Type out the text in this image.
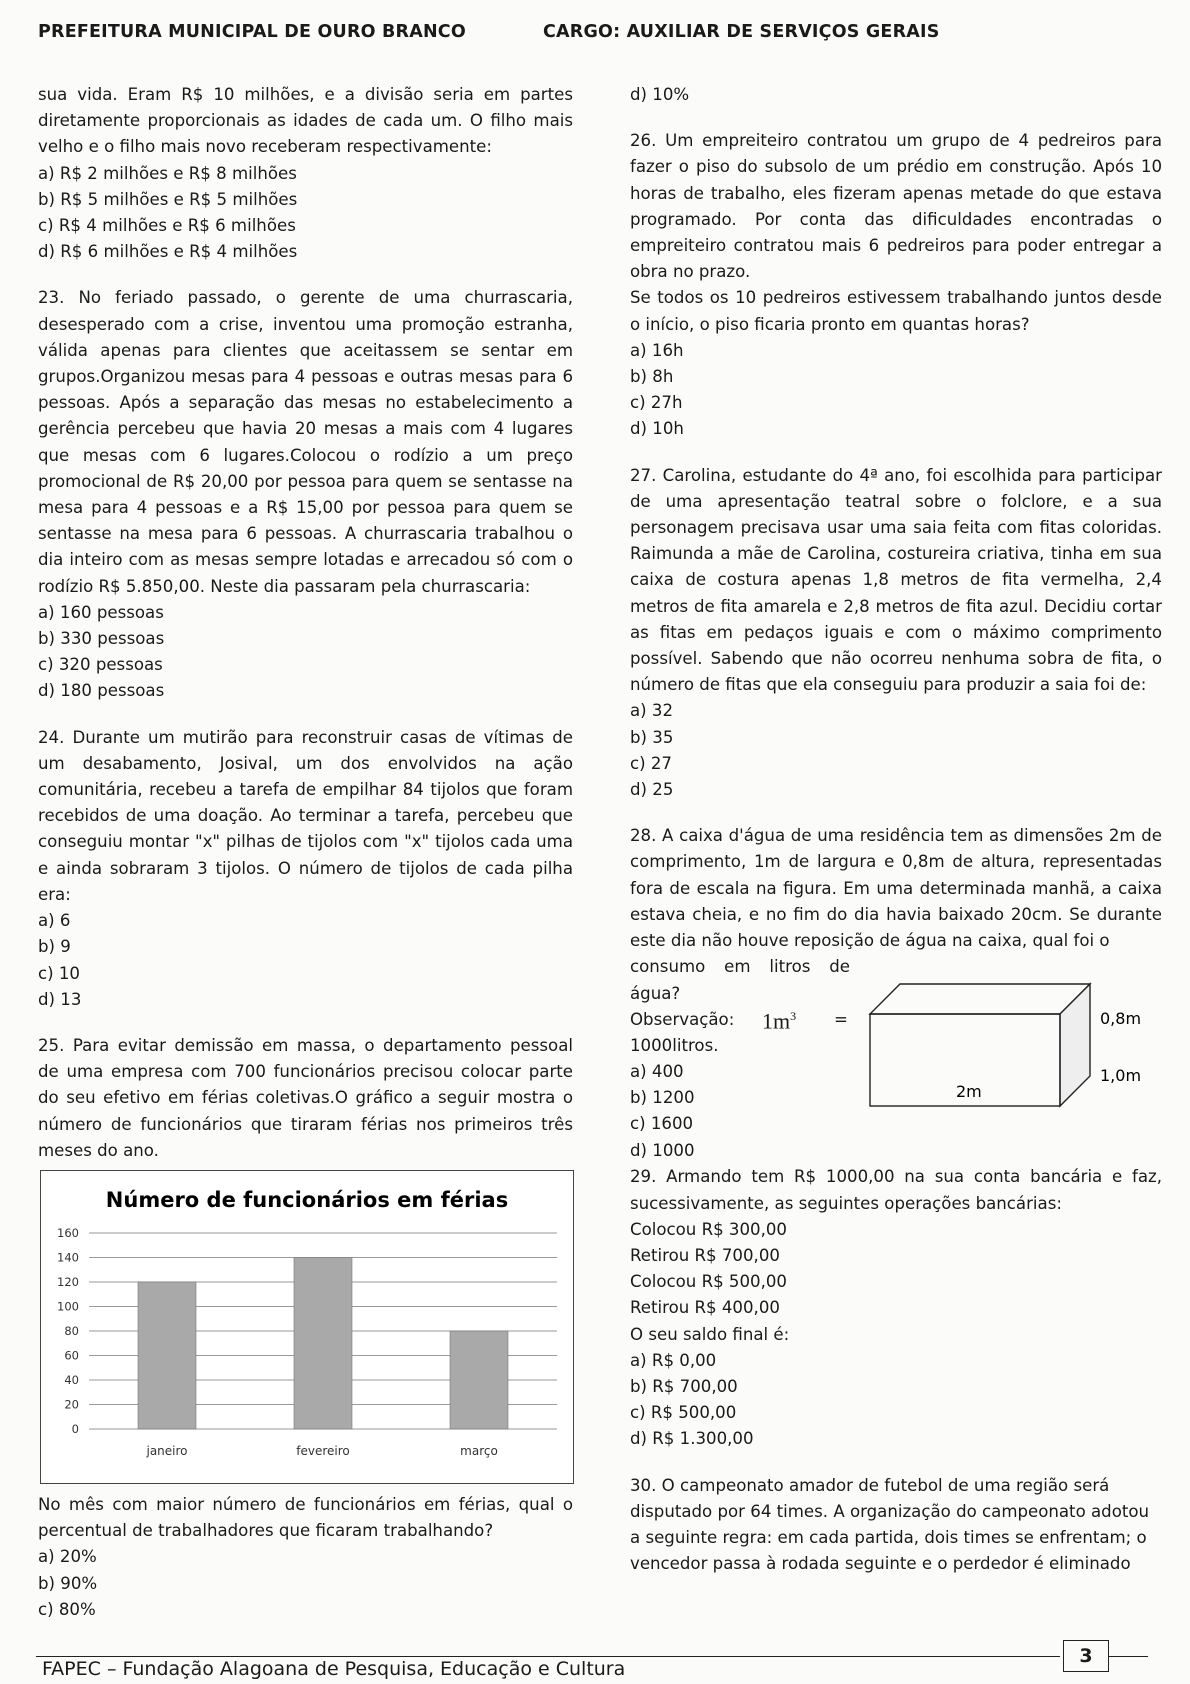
PREFEITURA MUNICIPAL DE OURO BRANCO	CARGO: AUXILIAR DE SERVIÇOS GERAIS

sua vida. Eram R$ 10 milhões, e a divisão seria em partes diretamente proporcionais as idades de cada um. O filho mais velho e o filho mais novo receberam respectivamente:

a) R$ 2 milhões e R$ 8 milhões

b) R$ 5 milhões e R$ 5 milhões

c) R$ 4 milhões e R$ 6 milhões

d) R$ 6 milhões e R$ 4 milhões

23. No feriado passado, o gerente de uma churrascaria, desesperado com a crise, inventou uma promoção estranha, válida apenas para clientes que aceitassem se sentar em grupos.Organizou mesas para 4 pessoas e outras mesas para 6 pessoas. Após a separação das mesas no estabelecimento a gerência percebeu que havia 20 mesas a mais com 4 lugares que mesas com 6 lugares.Colocou o rodízio a um preço promocional de R$ 20,00 por pessoa para quem se sentasse na mesa para 4 pessoas e a R$ 15,00 por pessoa para quem se sentasse na mesa para 6 pessoas. A churrascaria trabalhou o dia inteiro com as mesas sempre lotadas e arrecadou só com o rodízio R$ 5.850,00. Neste dia passaram pela churrascaria:

a) 160 pessoas

b) 330 pessoas

c) 320 pessoas

d) 180 pessoas

24. Durante um mutirão para reconstruir casas de vítimas de um desabamento, Josival, um dos envolvidos na ação comunitária, recebeu a tarefa de empilhar 84 tijolos que foram recebidos de uma doação. Ao terminar a tarefa, percebeu que conseguiu montar "x" pilhas de tijolos com "x" tijolos cada uma e ainda sobraram 3 tijolos. O número de tijolos de cada pilha era:

a) 6

b) 9

c) 10

d) 13

25. Para evitar demissão em massa, o departamento pessoal de uma empresa com 700 funcionários precisou colocar parte do seu efetivo em férias coletivas.O gráfico a seguir mostra o número de funcionários que tiraram férias nos primeiros três meses do ano.

Número de funcionários em férias
0
20
40
60
80
100
120
140
160
janeiro	fevereiro	março

No mês com maior número de funcionários em férias, qual o percentual de trabalhadores que ficaram trabalhando?

a) 20%

b) 90%

c) 80%

d) 10%

26. Um empreiteiro contratou um grupo de 4 pedreiros para fazer o piso do subsolo de um prédio em construção. Após 10 horas de trabalho, eles fizeram apenas metade do que estava programado. Por conta das dificuldades encontradas o empreiteiro contratou mais 6 pedreiros para poder entregar a obra no prazo.

Se todos os 10 pedreiros estivessem trabalhando juntos desde o início, o piso ficaria pronto em quantas horas?

a) 16h

b) 8h

c) 27h

d) 10h

27. Carolina, estudante do 4ª ano, foi escolhida para participar de uma apresentação teatral sobre o folclore, e a sua personagem precisava usar uma saia feita com fitas coloridas. Raimunda a mãe de Carolina, costureira criativa, tinha em sua caixa de costura apenas 1,8 metros de fita vermelha, 2,4 metros de fita amarela e 2,8 metros de fita azul. Decidiu cortar as fitas em pedaços iguais e com o máximo comprimento possível. Sabendo que não ocorreu nenhuma sobra de fita, o número de fitas que ela conseguiu para produzir a saia foi de:

a) 32

b) 35

c) 27

d) 25

28. A caixa d'água de uma residência tem as dimensões 2m de comprimento, 1m de largura e 0,8m de altura, representadas fora de escala na figura. Em uma determinada manhã, a caixa estava cheia, e no fim do dia havia baixado 20cm. Se durante este dia não houve reposição de água na caixa, qual foi o

consumo em litros de

água?

Observação: $1m^3$ =

1000litros.

a) 400

b) 1200

c) 1600

d) 1000

0,8m
1,0m
2m

29. Armando tem R$ 1000,00 na sua conta bancária e faz, sucessivamente, as seguintes operações bancárias:

Colocou R$ 300,00

Retirou R$ 700,00

Colocou R$ 500,00

Retirou R$ 400,00

O seu saldo final é:

a) R$ 0,00

b) R$ 700,00

c) R$ 500,00

d) R$ 1.300,00

30. O campeonato amador de futebol de uma região será disputado por 64 times. A organização do campeonato adotou a seguinte regra: em cada partida, dois times se enfrentam; o vencedor passa à rodada seguinte e o perdedor é eliminado

3
FAPEC – Fundação Alagoana de Pesquisa, Educação e Cultura
